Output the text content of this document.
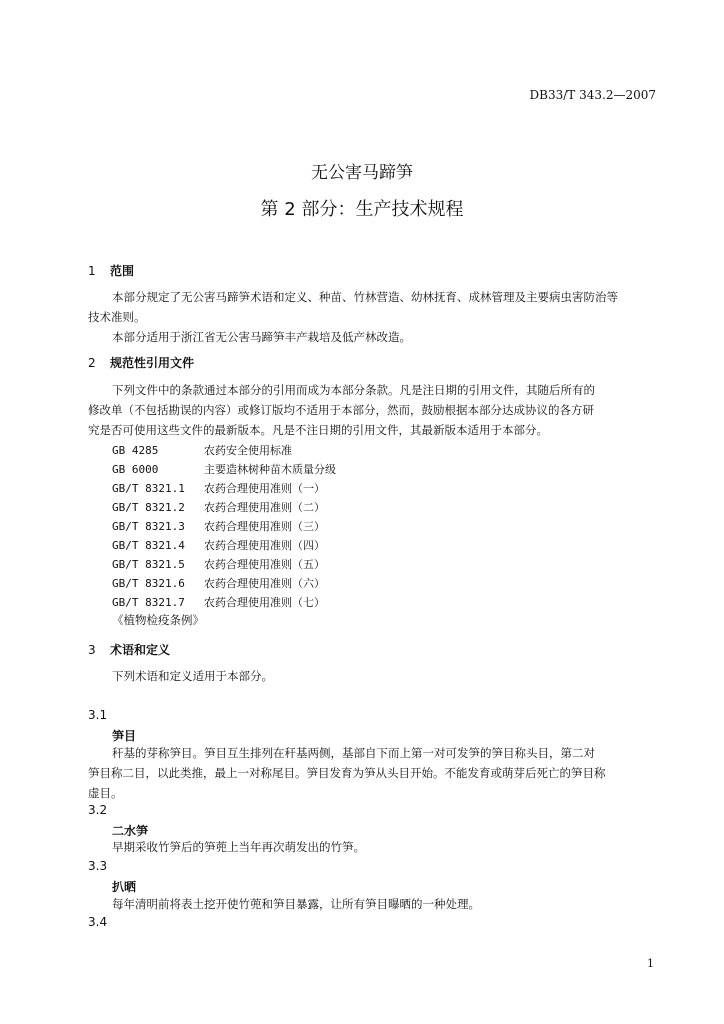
DB33/T 343.2—2007
无公害马蹄笋
第 2 部分：生产技术规程
1 范围
本部分规定了无公害马蹄笋术语和定义、种苗、竹林营造、幼林抚育、成林管理及主要病虫害防治等
技术准则。
本部分适用于浙江省无公害马蹄笋丰产栽培及低产林改造。
2 规范性引用文件
下列文件中的条款通过本部分的引用而成为本部分条款。凡是注日期的引用文件，其随后所有的
修改单（不包括勘误的内容）或修订版均不适用于本部分，然而，鼓励根据本部分达成协议的各方研
究是否可使用这些文件的最新版本。凡是不注日期的引用文件，其最新版本适用于本部分。
GB 4285	农药安全使用标准
GB 6000	主要造林树种苗木质量分级
GB/T 8321.1 农药合理使用准则（一）
GB/T 8321.2 农药合理使用准则（二）
GB/T 8321.3 农药合理使用准则（三）
GB/T 8321.4 农药合理使用准则（四）
GB/T 8321.5 农药合理使用准则（五）
GB/T 8321.6 农药合理使用准则（六）
GB/T 8321.7 农药合理使用准则（七）
《植物检疫条例》
3 术语和定义
下列术语和定义适用于本部分。
3.1
笋目
秆基的芽称笋目。笋目互生排列在秆基两侧，基部自下而上第一对可发笋的笋目称头目，第二对
笋目称二目，以此类推，最上一对称尾目。笋目发育为笋从头目开始。不能发育或萌芽后死亡的笋目称
虚目。
3.2
二水笋
早期采收竹笋后的笋蔸上当年再次萌发出的竹笋。
3.3
扒晒
每年清明前将表土挖开使竹蔸和笋目暴露，让所有笋目曝晒的一种处理。
3.4
1
